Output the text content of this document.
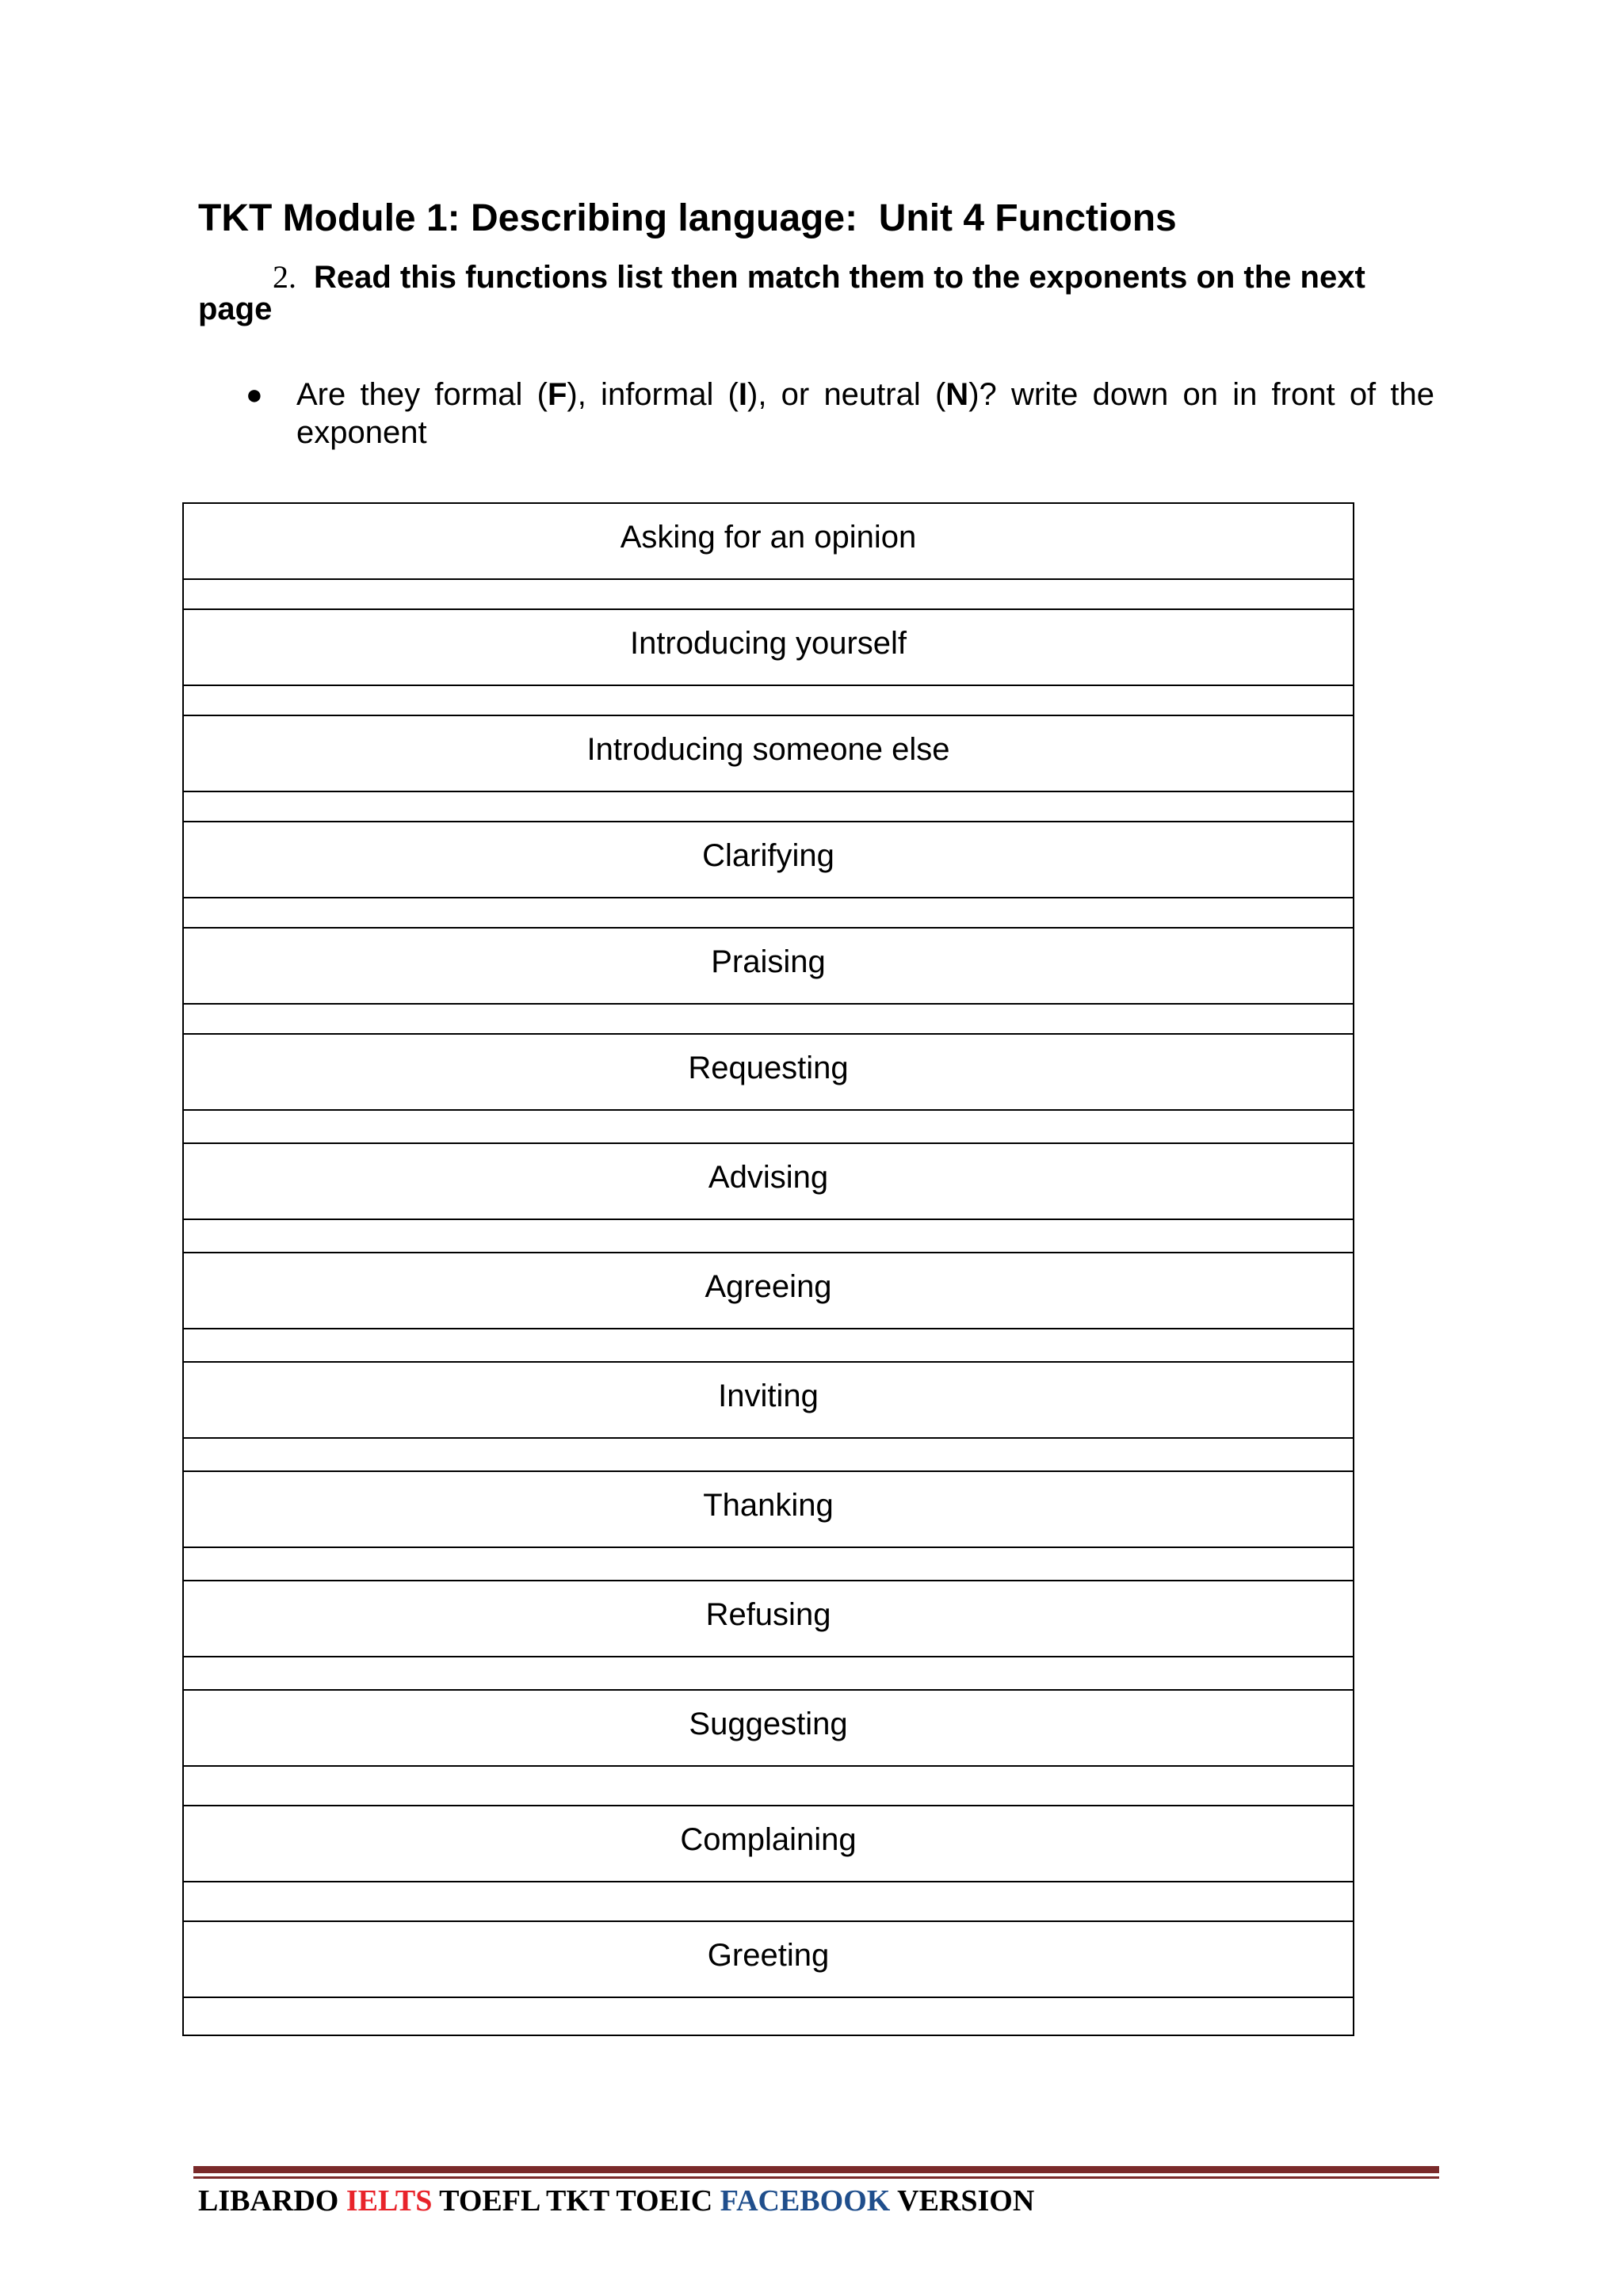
TKT Module 1: Describing language:  Unit 4 Functions
2. Read this functions list then match them to the exponents on the next page
● Are they formal (F), informal (I), or neutral (N)? write down on in front of the exponent
Asking for an opinion

Introducing yourself

Introducing someone else

Clarifying

Praising

Requesting

Advising

Agreeing

Inviting

Thanking

Refusing

Suggesting

Complaining

Greeting

LIBARDO IELTS TOEFL TKT TOEIC FACEBOOK VERSION
